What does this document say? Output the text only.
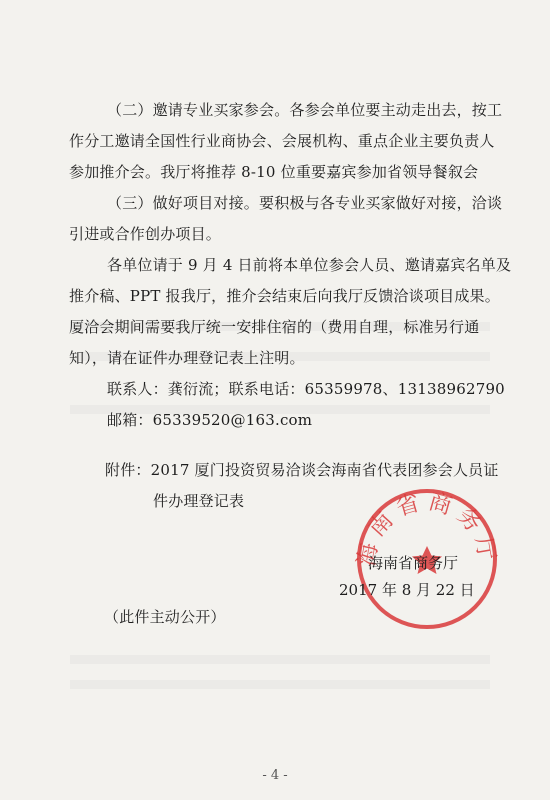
（二）邀请专业买家参会。各参会单位要主动走出去，按工
作分工邀请全国性行业商协会、会展机构、重点企业主要负责人
参加推介会。我厅将推荐 8-10 位重要嘉宾参加省领导餐叙会
（三）做好项目对接。要积极与各专业买家做好对接，洽谈
引进或合作创办项目。
各单位请于 9 月 4 日前将本单位参会人员、邀请嘉宾名单及
推介稿、PPT 报我厅，推介会结束后向我厅反馈洽谈项目成果。
厦洽会期间需要我厅统一安排住宿的（费用自理，标准另行通
知），请在证件办理登记表上注明。
联系人：龚衍流；联系电话：65359978、13138962790
邮箱：65339520@163.com
附件：2017 厦门投资贸易洽谈会海南省代表团参会人员证
件办理登记表
海南省商务厅
海南省商务厅
2017 年 8 月 22 日
（此件主动公开）
- 4 -
